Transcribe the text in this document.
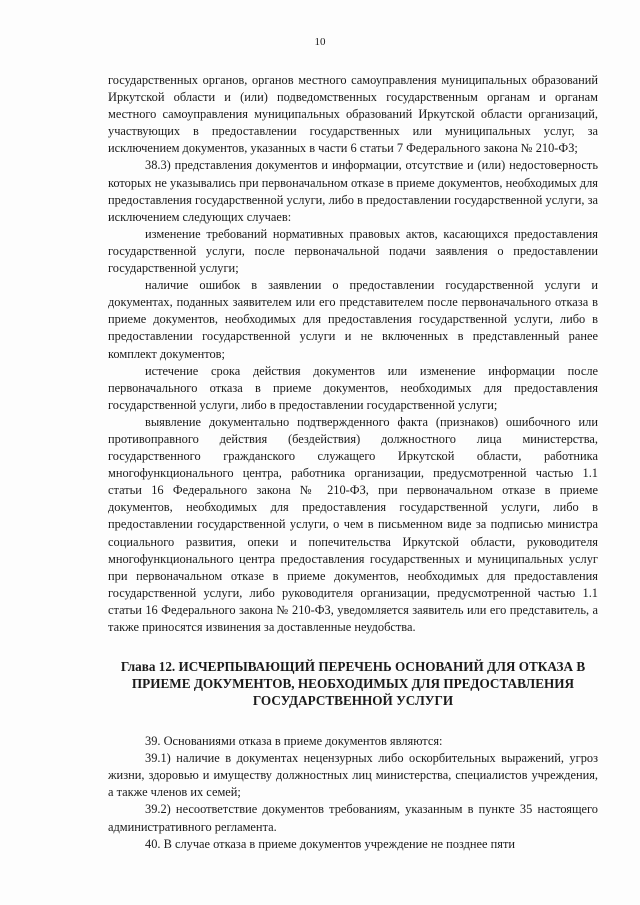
10

государственных органов, органов местного самоуправления муниципальных образований Иркутской области и (или) подведомственных государственным органам и органам местного самоуправления муниципальных образований Иркутской области организаций, участвующих в предоставлении государственных или муниципальных услуг, за исключением документов, указанных в части 6 статьи 7 Федерального закона № 210-ФЗ;

38.3) представления документов и информации, отсутствие и (или) недостоверность которых не указывались при первоначальном отказе в приеме документов, необходимых для предоставления государственной услуги, либо в предоставлении государственной услуги, за исключением следующих случаев:

изменение требований нормативных правовых актов, касающихся предоставления государственной услуги, после первоначальной подачи заявления о предоставлении государственной услуги;

наличие ошибок в заявлении о предоставлении государственной услуги и документах, поданных заявителем или его представителем после первоначального отказа в приеме документов, необходимых для предоставления государственной услуги, либо в предоставлении государственной услуги и не включенных в представленный ранее комплект документов;

истечение срока действия документов или изменение информации после первоначального отказа в приеме документов, необходимых для предоставления государственной услуги, либо в предоставлении государственной услуги;

выявление документально подтвержденного факта (признаков) ошибочного или противоправного действия (бездействия) должностного лица министерства, государственного гражданского служащего Иркутской области, работника многофункционального центра, работника организации, предусмотренной частью 1.1 статьи 16 Федерального закона № 210-ФЗ, при первоначальном отказе в приеме документов, необходимых для предоставления государственной услуги, либо в предоставлении государственной услуги, о чем в письменном виде за подписью министра социального развития, опеки и попечительства Иркутской области, руководителя многофункционального центра предоставления государственных и муниципальных услуг при первоначальном отказе в приеме документов, необходимых для предоставления государственной услуги, либо руководителя организации, предусмотренной частью 1.1 статьи 16 Федерального закона № 210-ФЗ, уведомляется заявитель или его представитель, а также приносятся извинения за доставленные неудобства.

Глава 12. ИСЧЕРПЫВАЮЩИЙ ПЕРЕЧЕНЬ ОСНОВАНИЙ ДЛЯ ОТКАЗА В ПРИЕМЕ ДОКУМЕНТОВ, НЕОБХОДИМЫХ ДЛЯ ПРЕДОСТАВЛЕНИЯ ГОСУДАРСТВЕННОЙ УСЛУГИ

39. Основаниями отказа в приеме документов являются:

39.1) наличие в документах нецензурных либо оскорбительных выражений, угроз жизни, здоровью и имуществу должностных лиц министерства, специалистов учреждения, а также членов их семей;

39.2) несоответствие документов требованиям, указанным в пункте 35 настоящего административного регламента.

40. В случае отказа в приеме документов учреждение не позднее пяти
